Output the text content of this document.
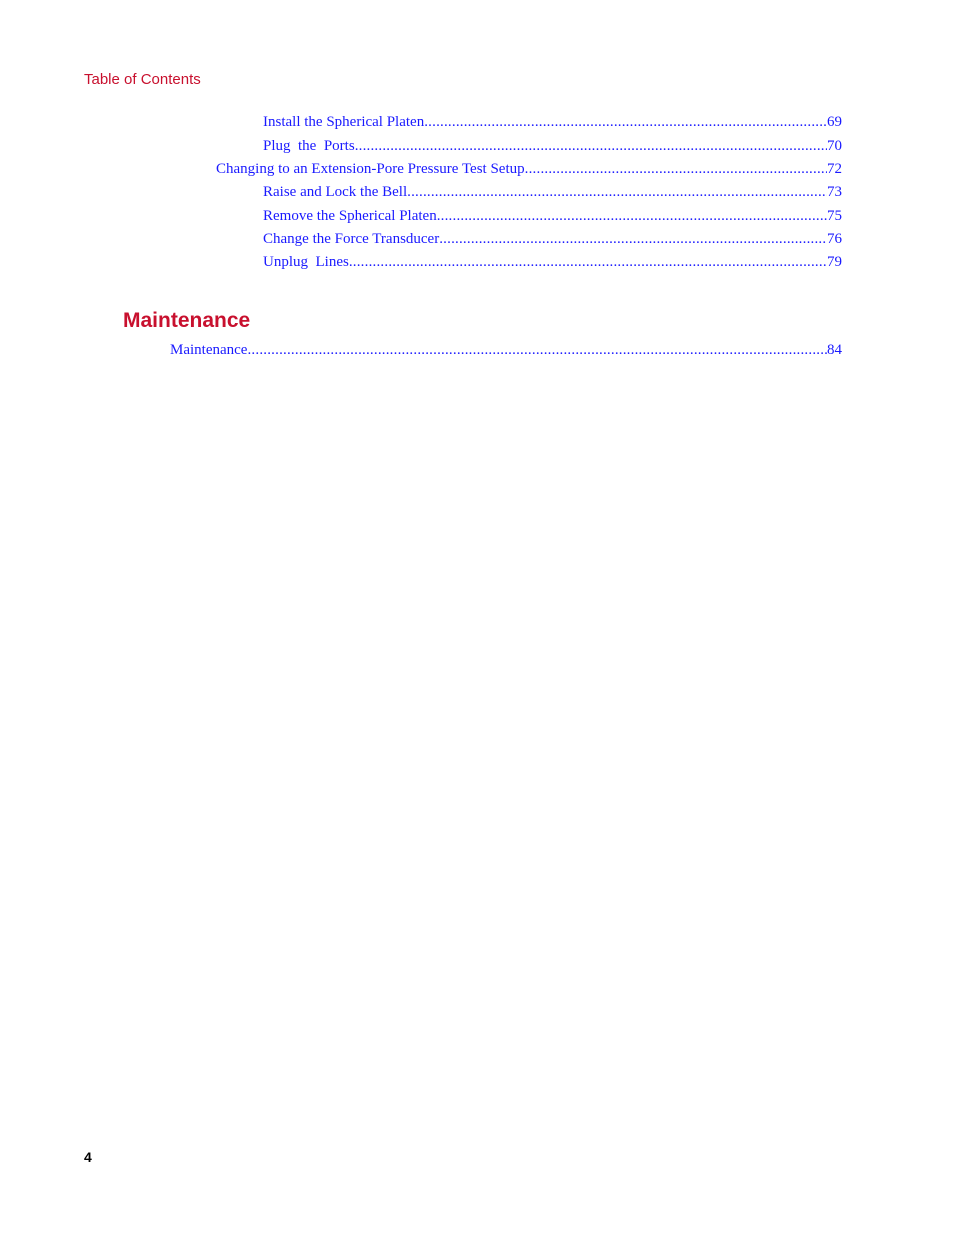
Table of Contents
Install the Spherical Platen .....	69
Plug  the  Ports .....	70
Changing to an Extension-Pore Pressure Test Setup .....	72
Raise and Lock the Bell .....	73
Remove the Spherical Platen .....	75
Change the Force Transducer .....	76
Unplug  Lines .....	79
Maintenance
Maintenance .....	84
4
